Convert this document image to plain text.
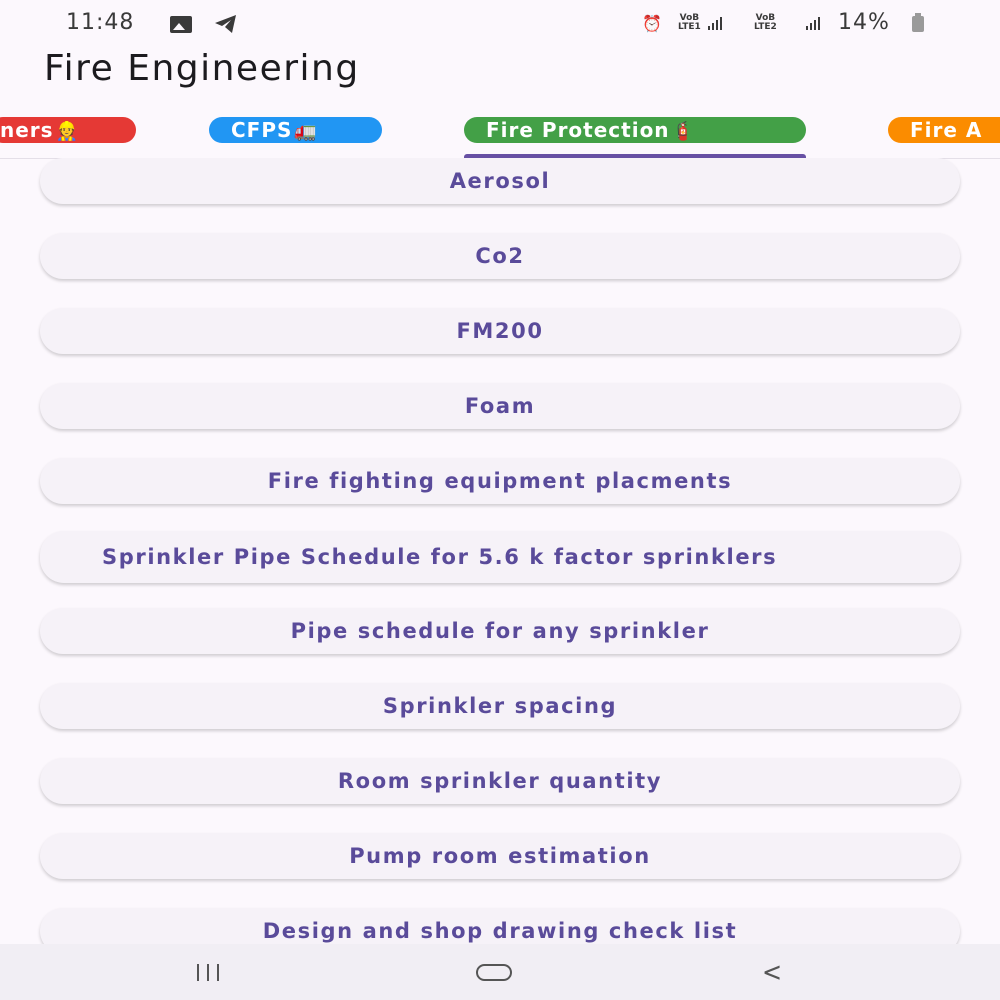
11:48	⏰ VoB
LTE1
VoB
LTE2	14%
Fire Engineering
ners 👷	CFPS 🚛	Fire Protection 🧯	Fire A
Aerosol
Co2
FM200
Foam
Fire fighting equipment placments
Sprinkler Pipe Schedule for 5.6 k factor sprinklers
Pipe schedule for any sprinkler
Sprinkler spacing
Room sprinkler quantity
Pump room estimation
Design and shop drawing check list
<
